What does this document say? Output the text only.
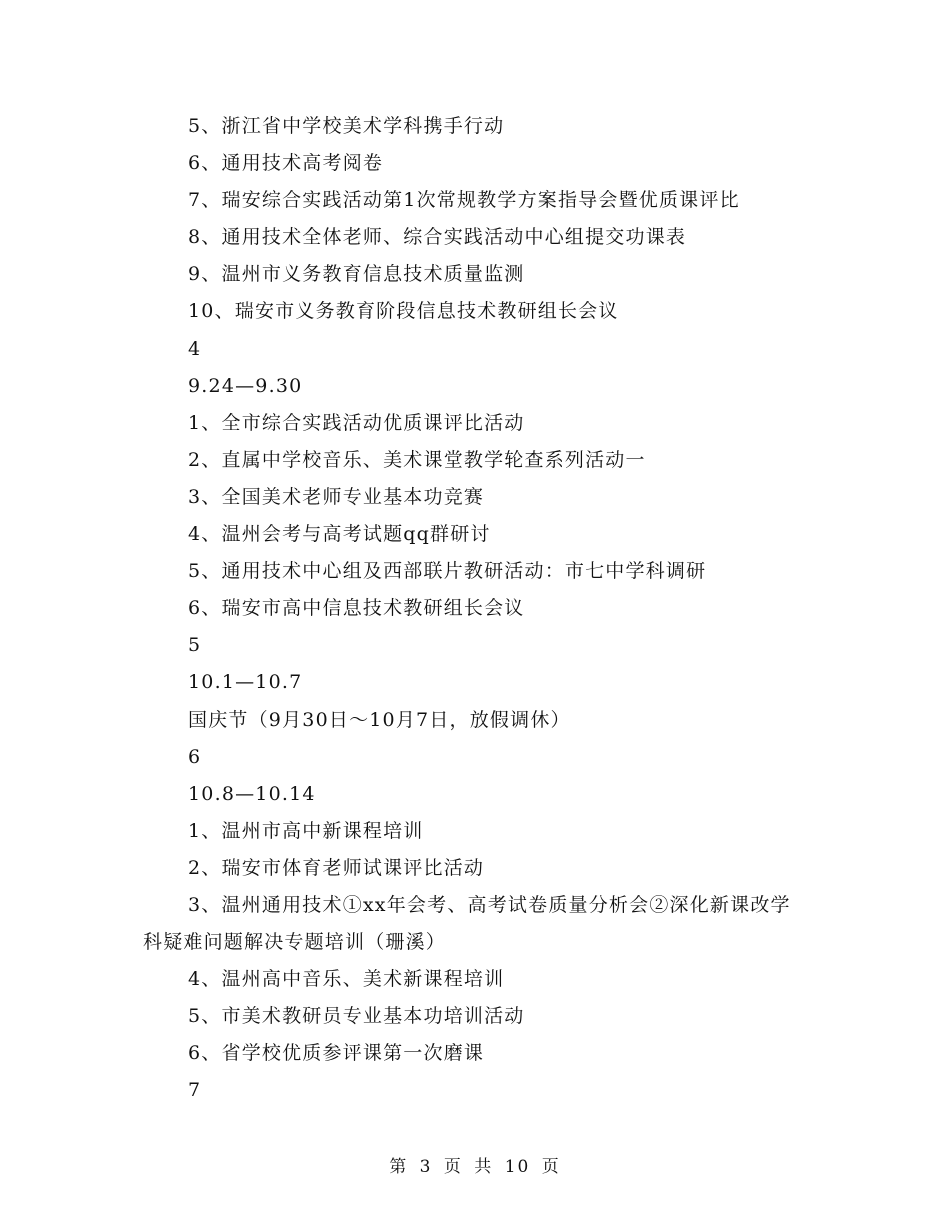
5、浙江省中学校美术学科携手行动
6、通用技术高考阅卷
7、瑞安综合实践活动第1次常规教学方案指导会暨优质课评比
8、通用技术全体老师、综合实践活动中心组提交功课表
9、温州市义务教育信息技术质量监测
10、瑞安市义务教育阶段信息技术教研组长会议
4
9.24—9.30
1、全市综合实践活动优质课评比活动
2、直属中学校音乐、美术课堂教学轮查系列活动一
3、全国美术老师专业基本功竞赛
4、温州会考与高考试题qq群研讨
5、通用技术中心组及西部联片教研活动：市七中学科调研
6、瑞安市高中信息技术教研组长会议
5
10.1—10.7
国庆节（9月30日～10月7日，放假调休）
6
10.8—10.14
1、温州市高中新课程培训
2、瑞安市体育老师试课评比活动
3、温州通用技术①xx年会考、高考试卷质量分析会②深化新课改学科疑难问题解决专题培训（珊溪）
4、温州高中音乐、美术新课程培训
5、市美术教研员专业基本功培训活动
6、省学校优质参评课第一次磨课
7
第 3 页 共 10 页
